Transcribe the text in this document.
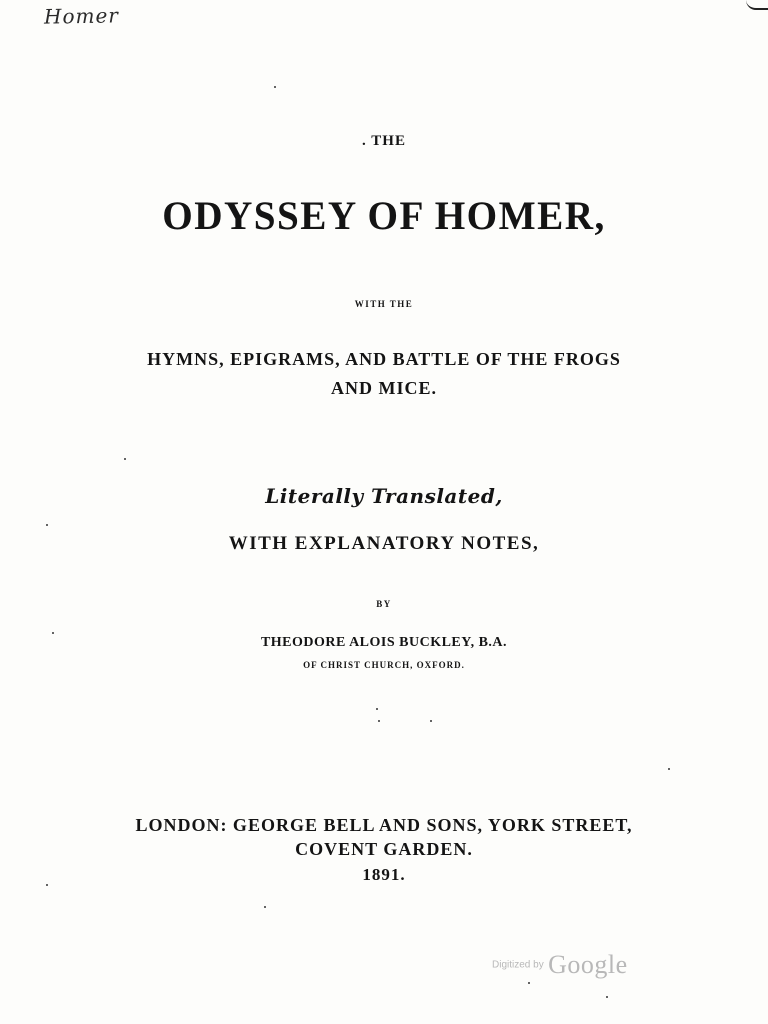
Homer
. THE
ODYSSEY OF HOMER,
WITH THE
HYMNS, EPIGRAMS, AND BATTLE OF THE FROGS
AND MICE.
Literally Translated,
WITH EXPLANATORY NOTES,
BY
THEODORE ALOIS BUCKLEY, B.A.
OF CHRIST CHURCH, OXFORD.
LONDON: GEORGE BELL AND SONS, YORK STREET,
COVENT GARDEN.
1891.
Digitized by Google
